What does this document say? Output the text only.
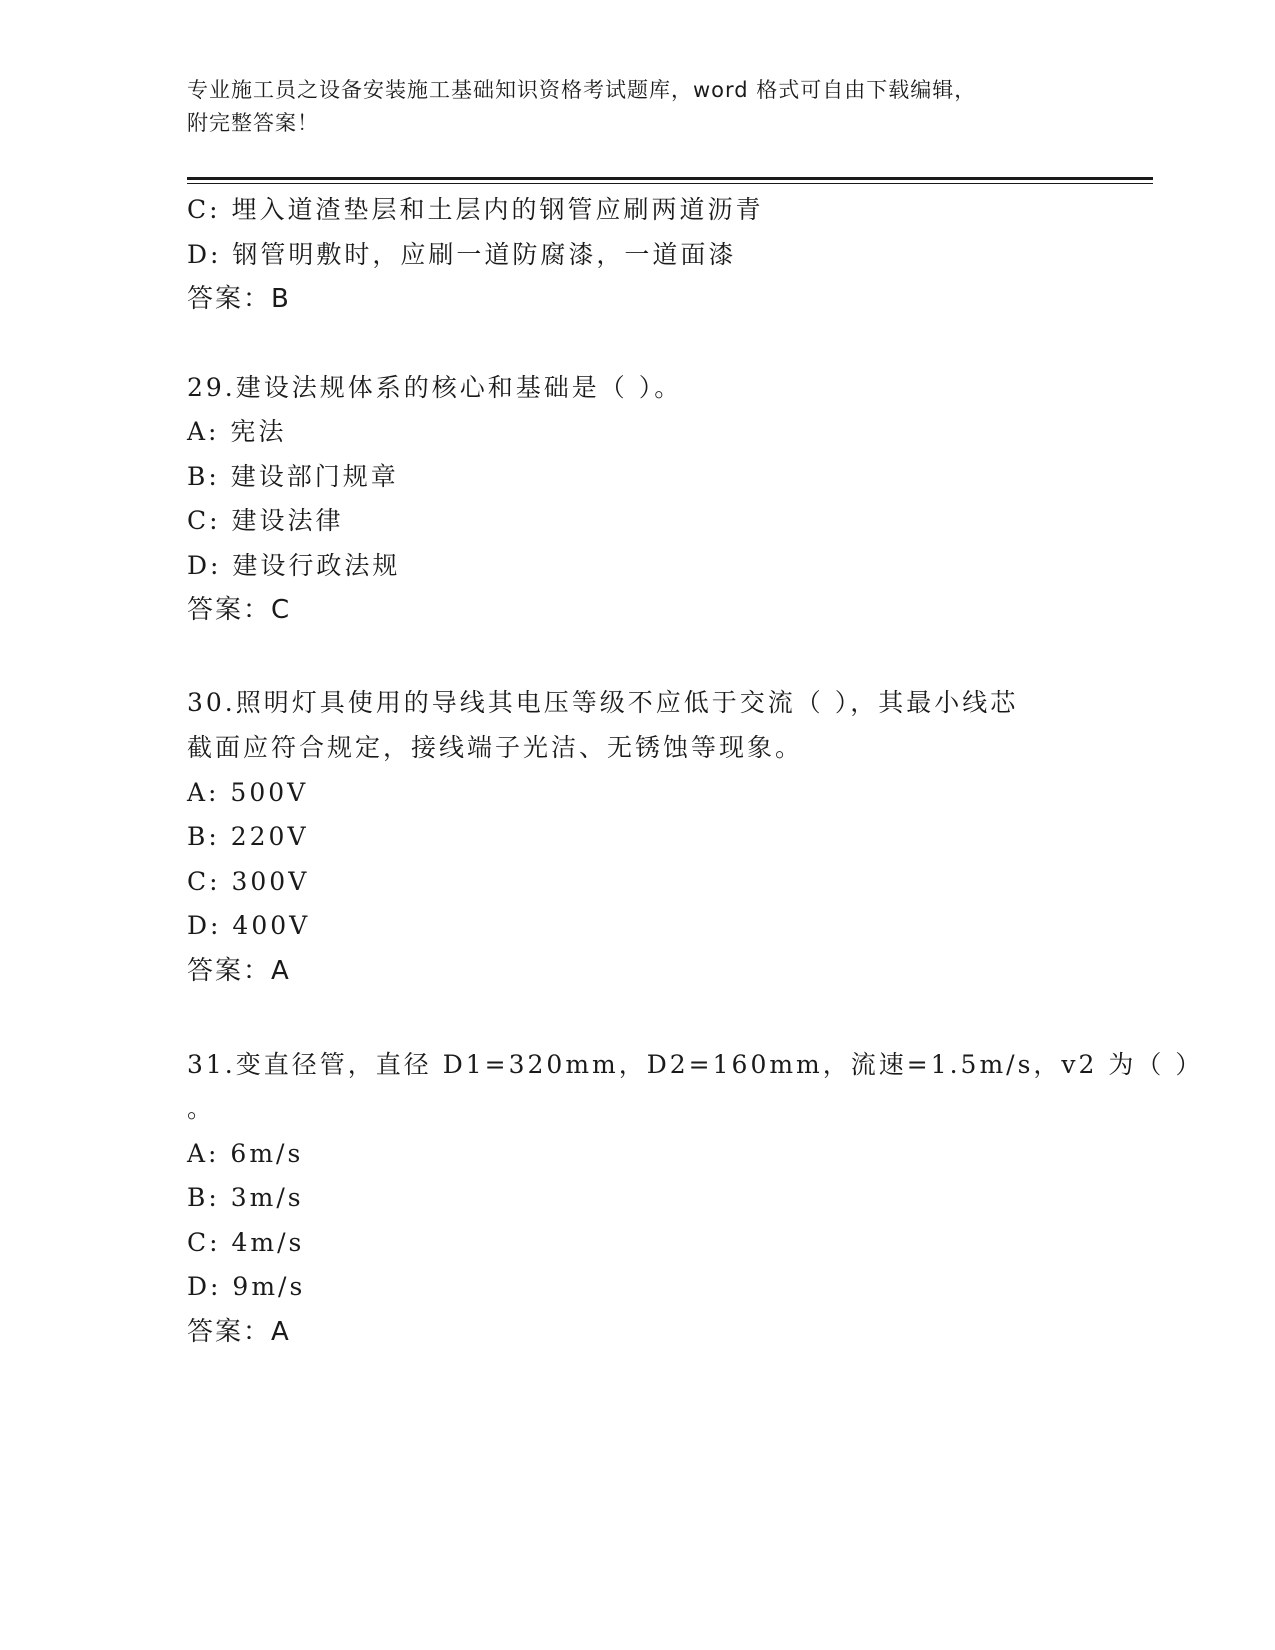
专业施工员之设备安装施工基础知识资格考试题库，word 格式可自由下载编辑，
附完整答案！
C: 埋入道渣垫层和土层内的钢管应刷两道沥青
D: 钢管明敷时，应刷一道防腐漆，一道面漆
答案：B
29.建设法规体系的核心和基础是（ ）。
A: 宪法
B: 建设部门规章
C: 建设法律
D: 建设行政法规
答案：C
30.照明灯具使用的导线其电压等级不应低于交流（ ），其最小线芯
截面应符合规定，接线端子光洁、无锈蚀等现象。
A: 500V
B: 220V
C: 300V
D: 400V
答案：A
31.变直径管，直径 D1=320mm，D2=160mm，流速=1.5m/s，v2 为（ ）
。
A: 6m/s
B: 3m/s
C: 4m/s
D: 9m/s
答案：A
